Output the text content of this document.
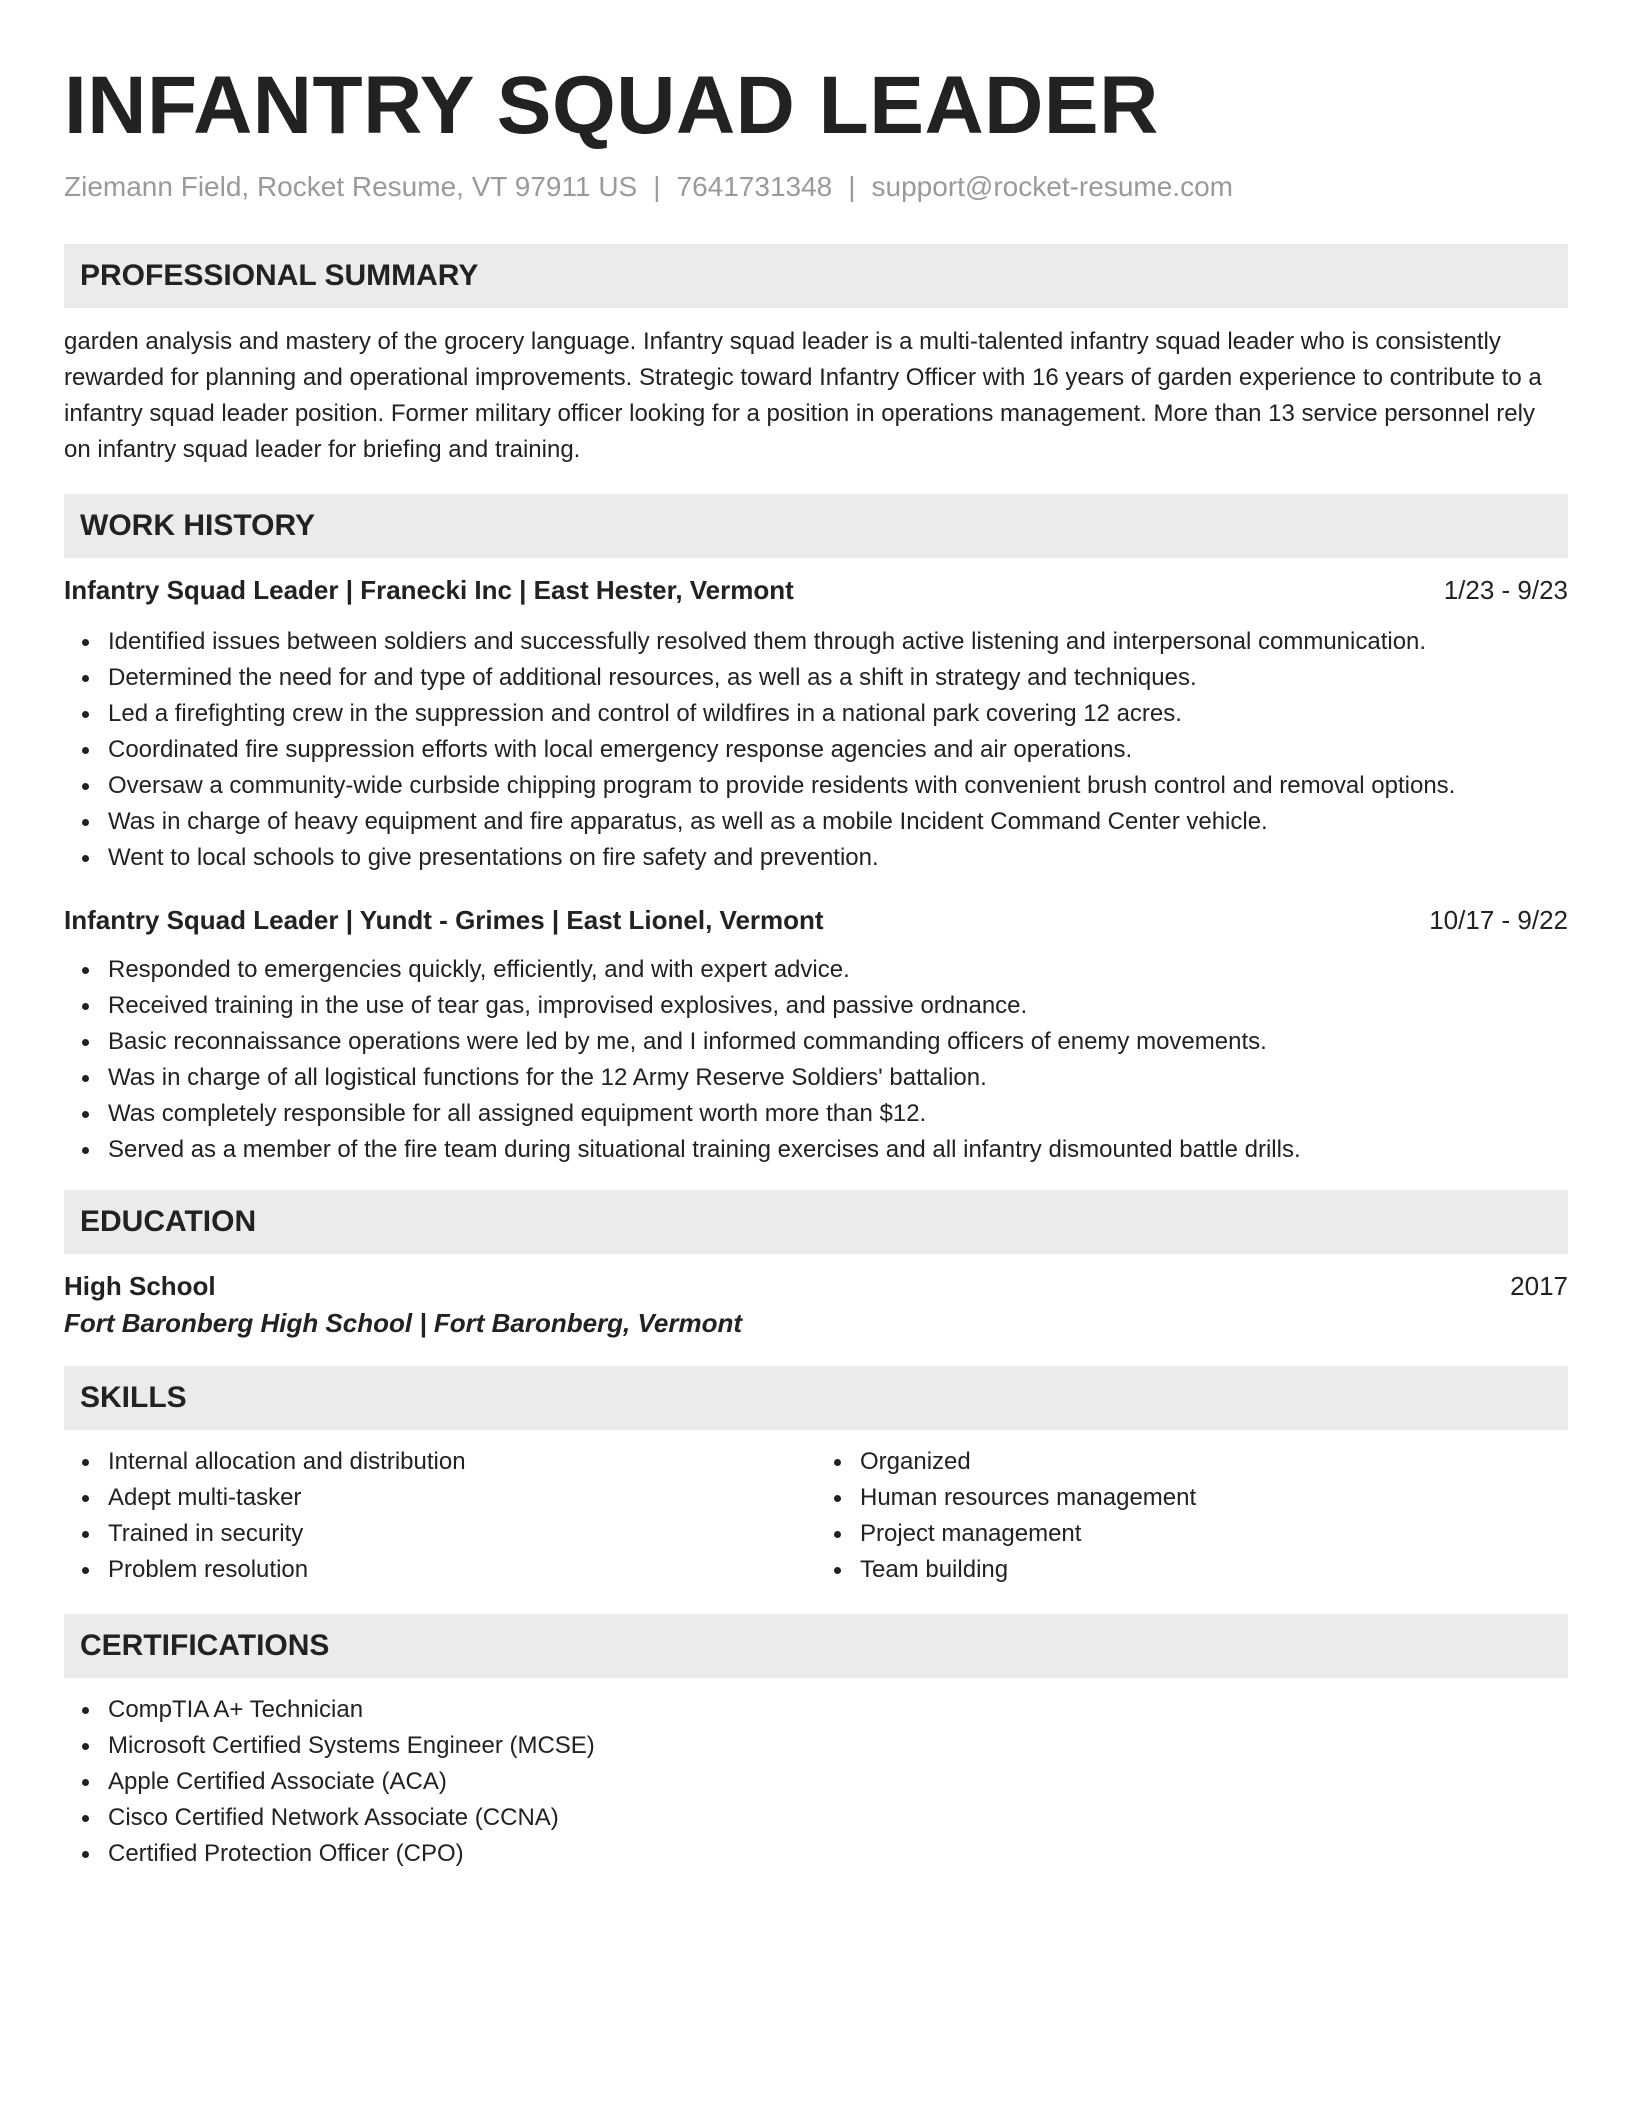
INFANTRY SQUAD LEADER
Ziemann Field, Rocket Resume, VT 97911 US | 7641731348 | support@rocket-resume.com
PROFESSIONAL SUMMARY

garden analysis and mastery of the grocery language. Infantry squad leader is a multi-talented infantry squad leader who is consistently rewarded for planning and operational improvements. Strategic toward Infantry Officer with 16 years of garden experience to contribute to a infantry squad leader position. Former military officer looking for a position in operations management. More than 13 service personnel rely on infantry squad leader for briefing and training.

WORK HISTORY
Infantry Squad Leader | Franecki Inc | East Hester, Vermont	1/23 - 9/23
Identified issues between soldiers and successfully resolved them through active listening and interpersonal communication.
Determined the need for and type of additional resources, as well as a shift in strategy and techniques.
Led a firefighting crew in the suppression and control of wildfires in a national park covering 12 acres.
Coordinated fire suppression efforts with local emergency response agencies and air operations.
Oversaw a community-wide curbside chipping program to provide residents with convenient brush control and removal options.
Was in charge of heavy equipment and fire apparatus, as well as a mobile Incident Command Center vehicle.
Went to local schools to give presentations on fire safety and prevention.
Infantry Squad Leader | Yundt - Grimes | East Lionel, Vermont	10/17 - 9/22
Responded to emergencies quickly, efficiently, and with expert advice.
Received training in the use of tear gas, improvised explosives, and passive ordnance.
Basic reconnaissance operations were led by me, and I informed commanding officers of enemy movements.
Was in charge of all logistical functions for the 12 Army Reserve Soldiers' battalion.
Was completely responsible for all assigned equipment worth more than $12.
Served as a member of the fire team during situational training exercises and all infantry dismounted battle drills.
EDUCATION
High School	2017
Fort Baronberg High School | Fort Baronberg, Vermont
SKILLS
Internal allocation and distribution
Adept multi-tasker
Trained in security
Problem resolution
Organized
Human resources management
Project management
Team building
CERTIFICATIONS
CompTIA A+ Technician
Microsoft Certified Systems Engineer (MCSE)
Apple Certified Associate (ACA)
Cisco Certified Network Associate (CCNA)
Certified Protection Officer (CPO)
